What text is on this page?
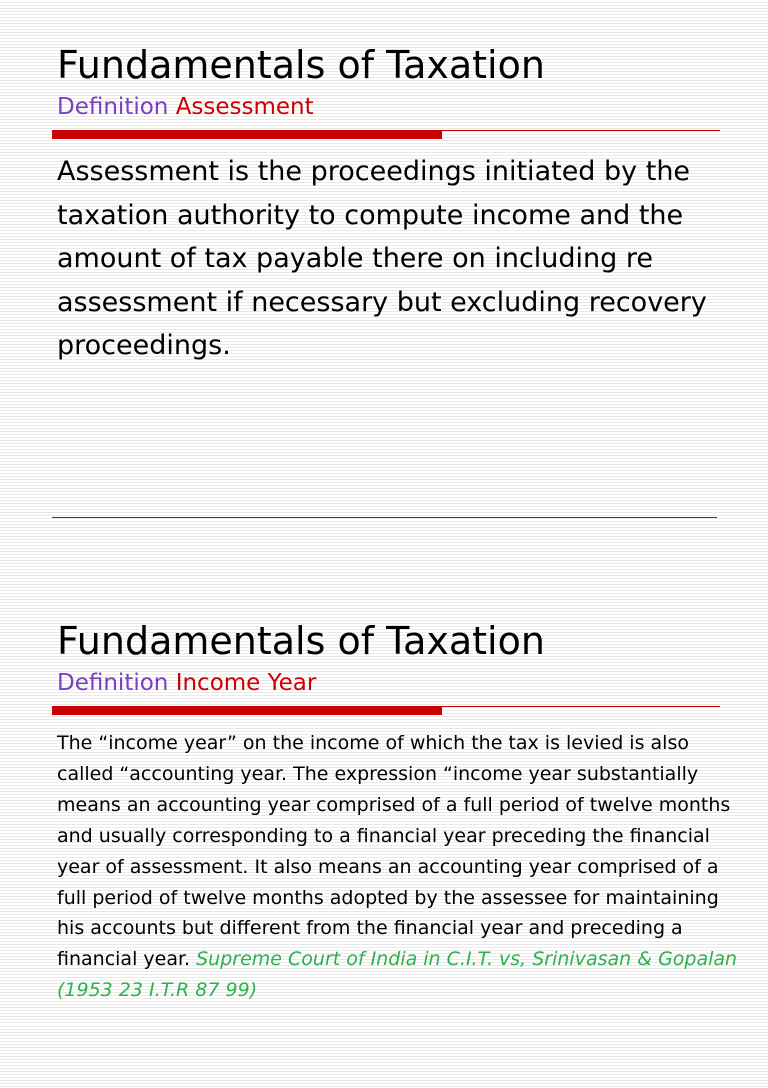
Fundamentals of Taxation
Definition Assessment
Assessment is the proceedings initiated by the taxation authority to compute income and the amount of tax payable there on including re assessment if necessary but excluding recovery proceedings.
Fundamentals of Taxation
Definition Income Year
The “income year” on the income of which the tax is levied is also called “accounting year. The expression “income year substantially means an accounting year comprised of a full period of twelve months and usually corresponding to a financial year preceding the financial year of assessment. It also means an accounting year comprised of a full period of twelve months adopted by the assessee for maintaining his accounts but different from the financial year and preceding a financial year. Supreme Court of India in C.I.T. vs, Srinivasan & Gopalan (1953 23 I.T.R 87 99)
